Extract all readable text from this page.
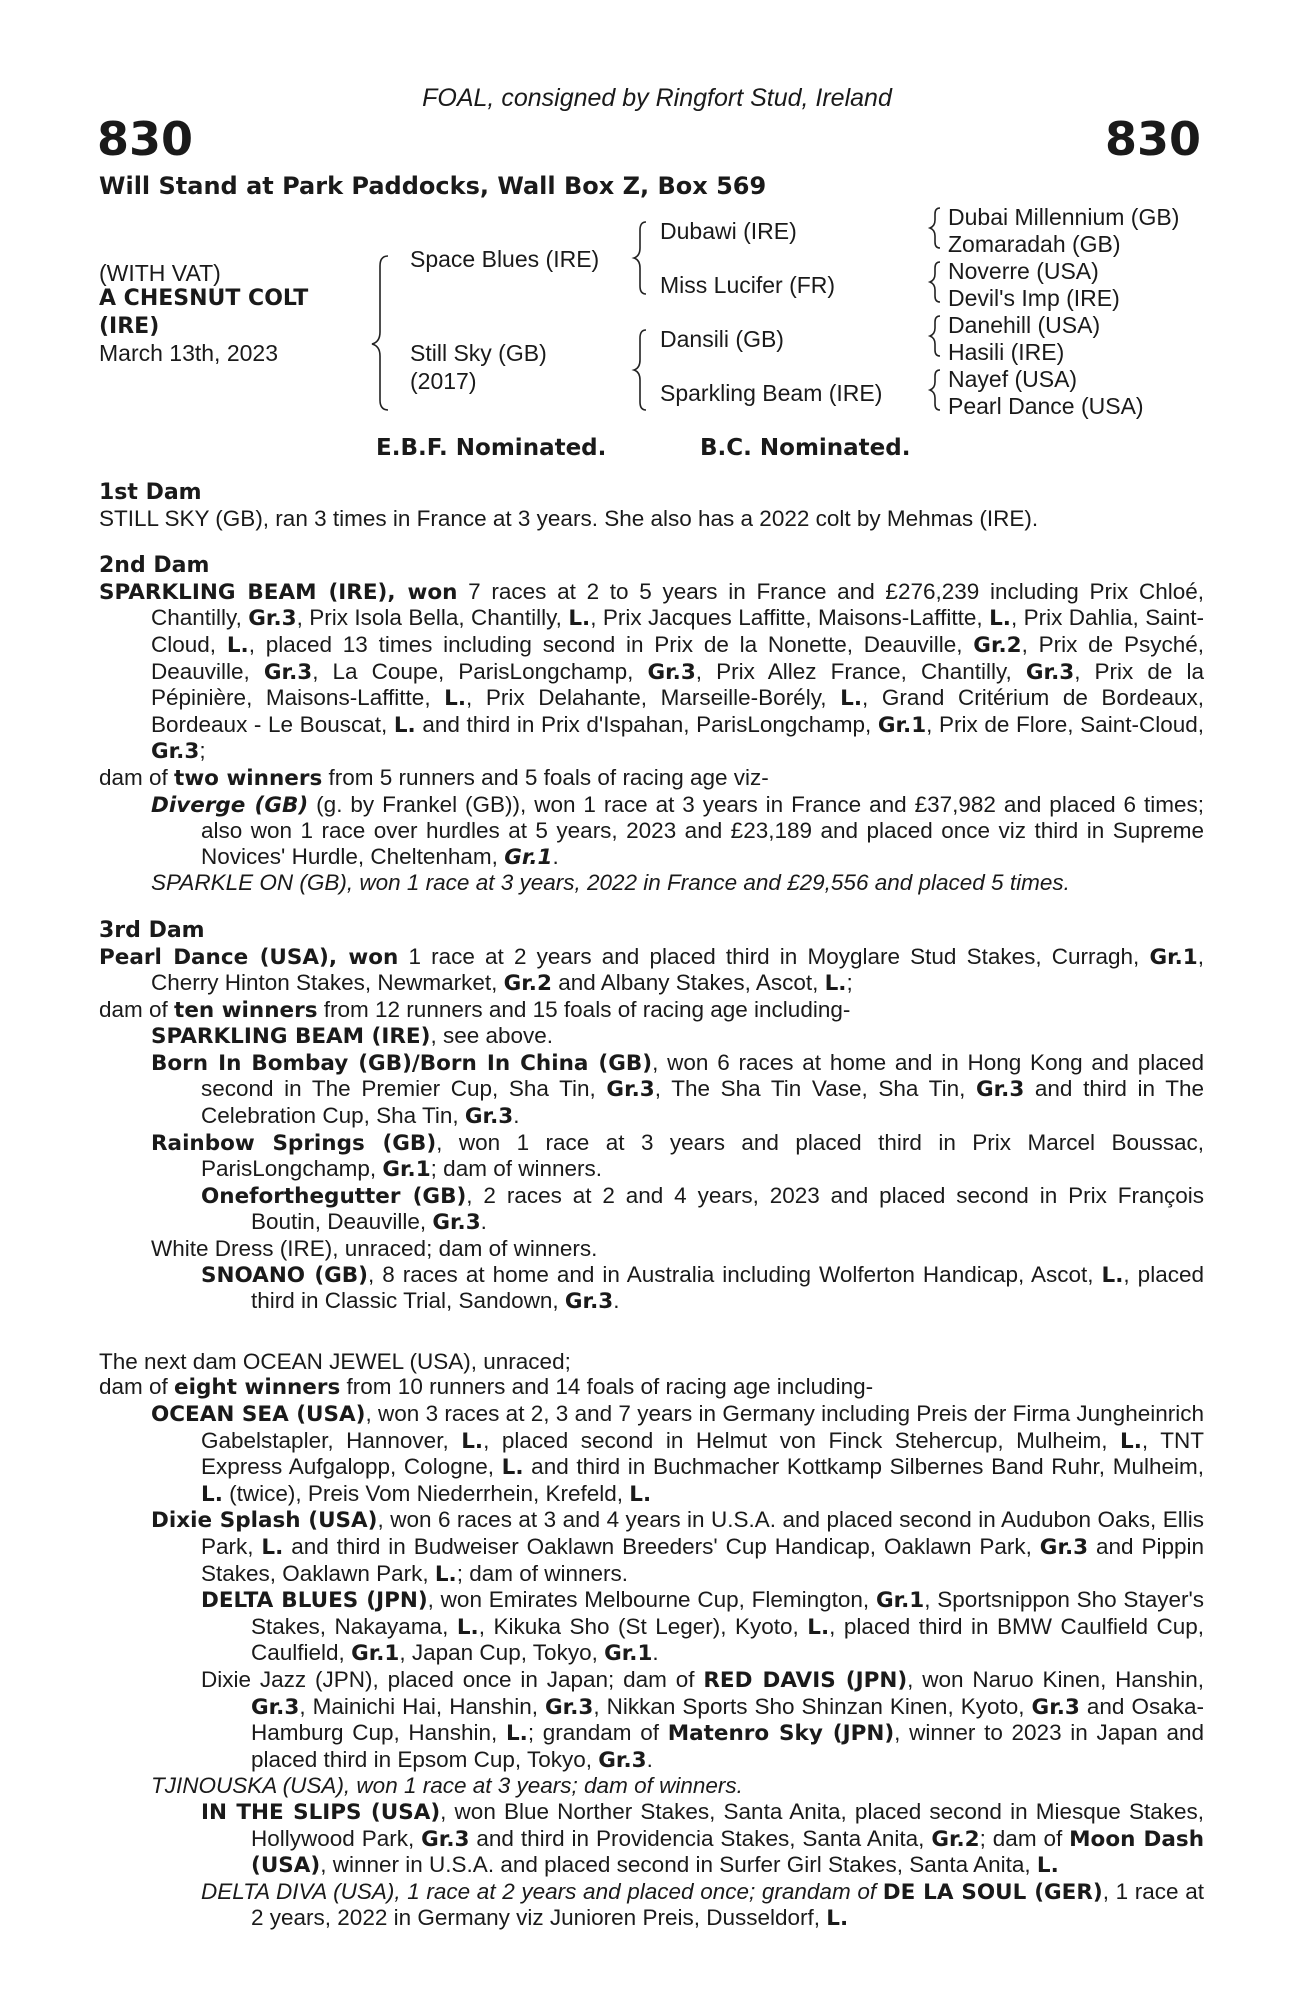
FOAL, consigned by Ringfort Stud, Ireland
830	830
Will Stand at Park Paddocks, Wall Box Z, Box 569
(WITH VAT)
A CHESNUT COLT
(IRE)
March 13th, 2023
Space Blues (IRE)
Still Sky (GB)
(2017)
Dubawi (IRE)
Miss Lucifer (FR)
Dansili (GB)
Sparkling Beam (IRE)
Dubai Millennium (GB)
Zomaradah (GB)
Noverre (USA)
Devil's Imp (IRE)
Danehill (USA)
Hasili (IRE)
Nayef (USA)
Pearl Dance (USA)
E.B.F. Nominated.	B.C. Nominated.
1st Dam

STILL SKY (GB), ran 3 times in France at 3 years. She also has a 2022 colt by Mehmas (IRE).

2nd Dam

SPARKLING BEAM (IRE), won 7 races at 2 to 5 years in France and £276,239 including Prix Chloé, Chantilly, Gr.3, Prix Isola Bella, Chantilly, L., Prix Jacques Laffitte, Maisons-Laffitte, L., Prix Dahlia, Saint-Cloud, L., placed 13 times including second in Prix de la Nonette, Deauville, Gr.2, Prix de Psyché, Deauville, Gr.3, La Coupe, ParisLongchamp, Gr.3, Prix Allez France, Chantilly, Gr.3, Prix de la Pépinière, Maisons-Laffitte, L., Prix Delahante, Marseille-Borély, L., Grand Critérium de Bordeaux, Bordeaux - Le Bouscat, L. and third in Prix d'Ispahan, ParisLongchamp, Gr.1, Prix de Flore, Saint-Cloud, Gr.3;

dam of two winners from 5 runners and 5 foals of racing age viz-

Diverge (GB) (g. by Frankel (GB)), won 1 race at 3 years in France and £37,982 and placed 6 times; also won 1 race over hurdles at 5 years, 2023 and £23,189 and placed once viz third in Supreme Novices' Hurdle, Cheltenham, Gr.1.

SPARKLE ON (GB), won 1 race at 3 years, 2022 in France and £29,556 and placed 5 times.

3rd Dam

Pearl Dance (USA), won 1 race at 2 years and placed third in Moyglare Stud Stakes, Curragh, Gr.1, Cherry Hinton Stakes, Newmarket, Gr.2 and Albany Stakes, Ascot, L.;

dam of ten winners from 12 runners and 15 foals of racing age including-

SPARKLING BEAM (IRE), see above.

Born In Bombay (GB)/Born In China (GB), won 6 races at home and in Hong Kong and placed second in The Premier Cup, Sha Tin, Gr.3, The Sha Tin Vase, Sha Tin, Gr.3 and third in The Celebration Cup, Sha Tin, Gr.3.

Rainbow Springs (GB), won 1 race at 3 years and placed third in Prix Marcel Boussac, ParisLongchamp, Gr.1; dam of winners.

Oneforthegutter (GB), 2 races at 2 and 4 years, 2023 and placed second in Prix François Boutin, Deauville, Gr.3.

White Dress (IRE), unraced; dam of winners.

SNOANO (GB), 8 races at home and in Australia including Wolferton Handicap, Ascot, L., placed third in Classic Trial, Sandown, Gr.3.

The next dam OCEAN JEWEL (USA), unraced;

dam of eight winners from 10 runners and 14 foals of racing age including-

OCEAN SEA (USA), won 3 races at 2, 3 and 7 years in Germany including Preis der Firma Jungheinrich Gabelstapler, Hannover, L., placed second in Helmut von Finck Stehercup, Mulheim, L., TNT Express Aufgalopp, Cologne, L. and third in Buchmacher Kottkamp Silbernes Band Ruhr, Mulheim, L. (twice), Preis Vom Niederrhein, Krefeld, L.

Dixie Splash (USA), won 6 races at 3 and 4 years in U.S.A. and placed second in Audubon Oaks, Ellis Park, L. and third in Budweiser Oaklawn Breeders' Cup Handicap, Oaklawn Park, Gr.3 and Pippin Stakes, Oaklawn Park, L.; dam of winners.

DELTA BLUES (JPN), won Emirates Melbourne Cup, Flemington, Gr.1, Sportsnippon Sho Stayer's Stakes, Nakayama, L., Kikuka Sho (St Leger), Kyoto, L., placed third in BMW Caulfield Cup, Caulfield, Gr.1, Japan Cup, Tokyo, Gr.1.

Dixie Jazz (JPN), placed once in Japan; dam of RED DAVIS (JPN), won Naruo Kinen, Hanshin, Gr.3, Mainichi Hai, Hanshin, Gr.3, Nikkan Sports Sho Shinzan Kinen, Kyoto, Gr.3 and Osaka-Hamburg Cup, Hanshin, L.; grandam of Matenro Sky (JPN), winner to 2023 in Japan and placed third in Epsom Cup, Tokyo, Gr.3.

TJINOUSKA (USA), won 1 race at 3 years; dam of winners.

IN THE SLIPS (USA), won Blue Norther Stakes, Santa Anita, placed second in Miesque Stakes, Hollywood Park, Gr.3 and third in Providencia Stakes, Santa Anita, Gr.2; dam of Moon Dash (USA), winner in U.S.A. and placed second in Surfer Girl Stakes, Santa Anita, L.

DELTA DIVA (USA), 1 race at 2 years and placed once; grandam of DE LA SOUL (GER), 1 race at 2 years, 2022 in Germany viz Junioren Preis, Dusseldorf, L.
